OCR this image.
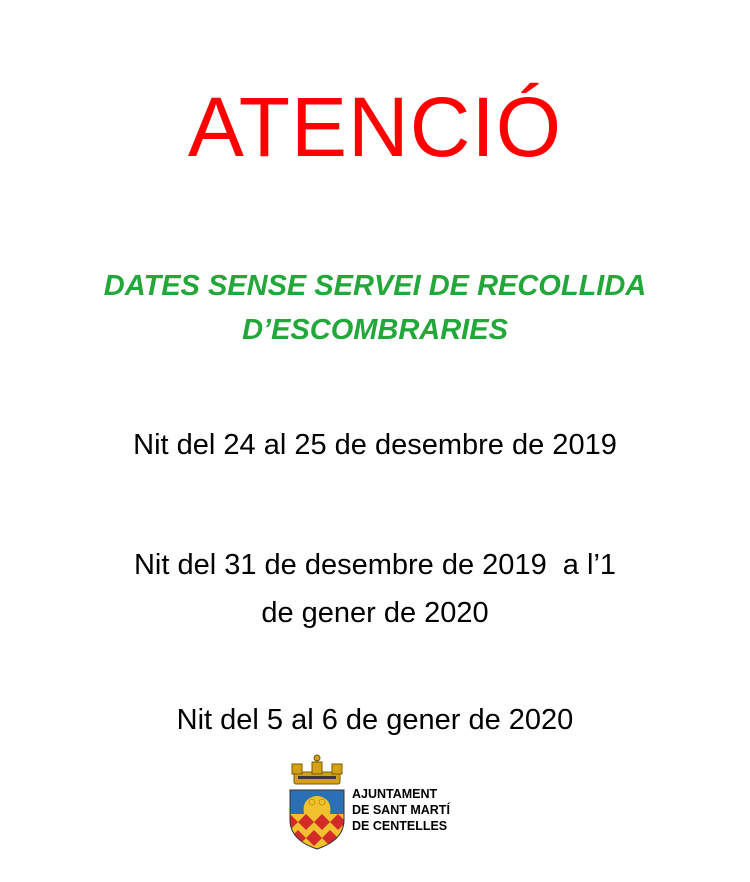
ATENCIÓ
DATES SENSE SERVEI DE RECOLLIDA
D’ESCOMBRARIES
Nit del 24 al 25 de desembre de 2019
Nit del 31 de desembre de 2019  a l’1
de gener de 2020
Nit del 5 al 6 de gener de 2020
AJUNTAMENT
DE SANT MARTÍ
DE CENTELLES
